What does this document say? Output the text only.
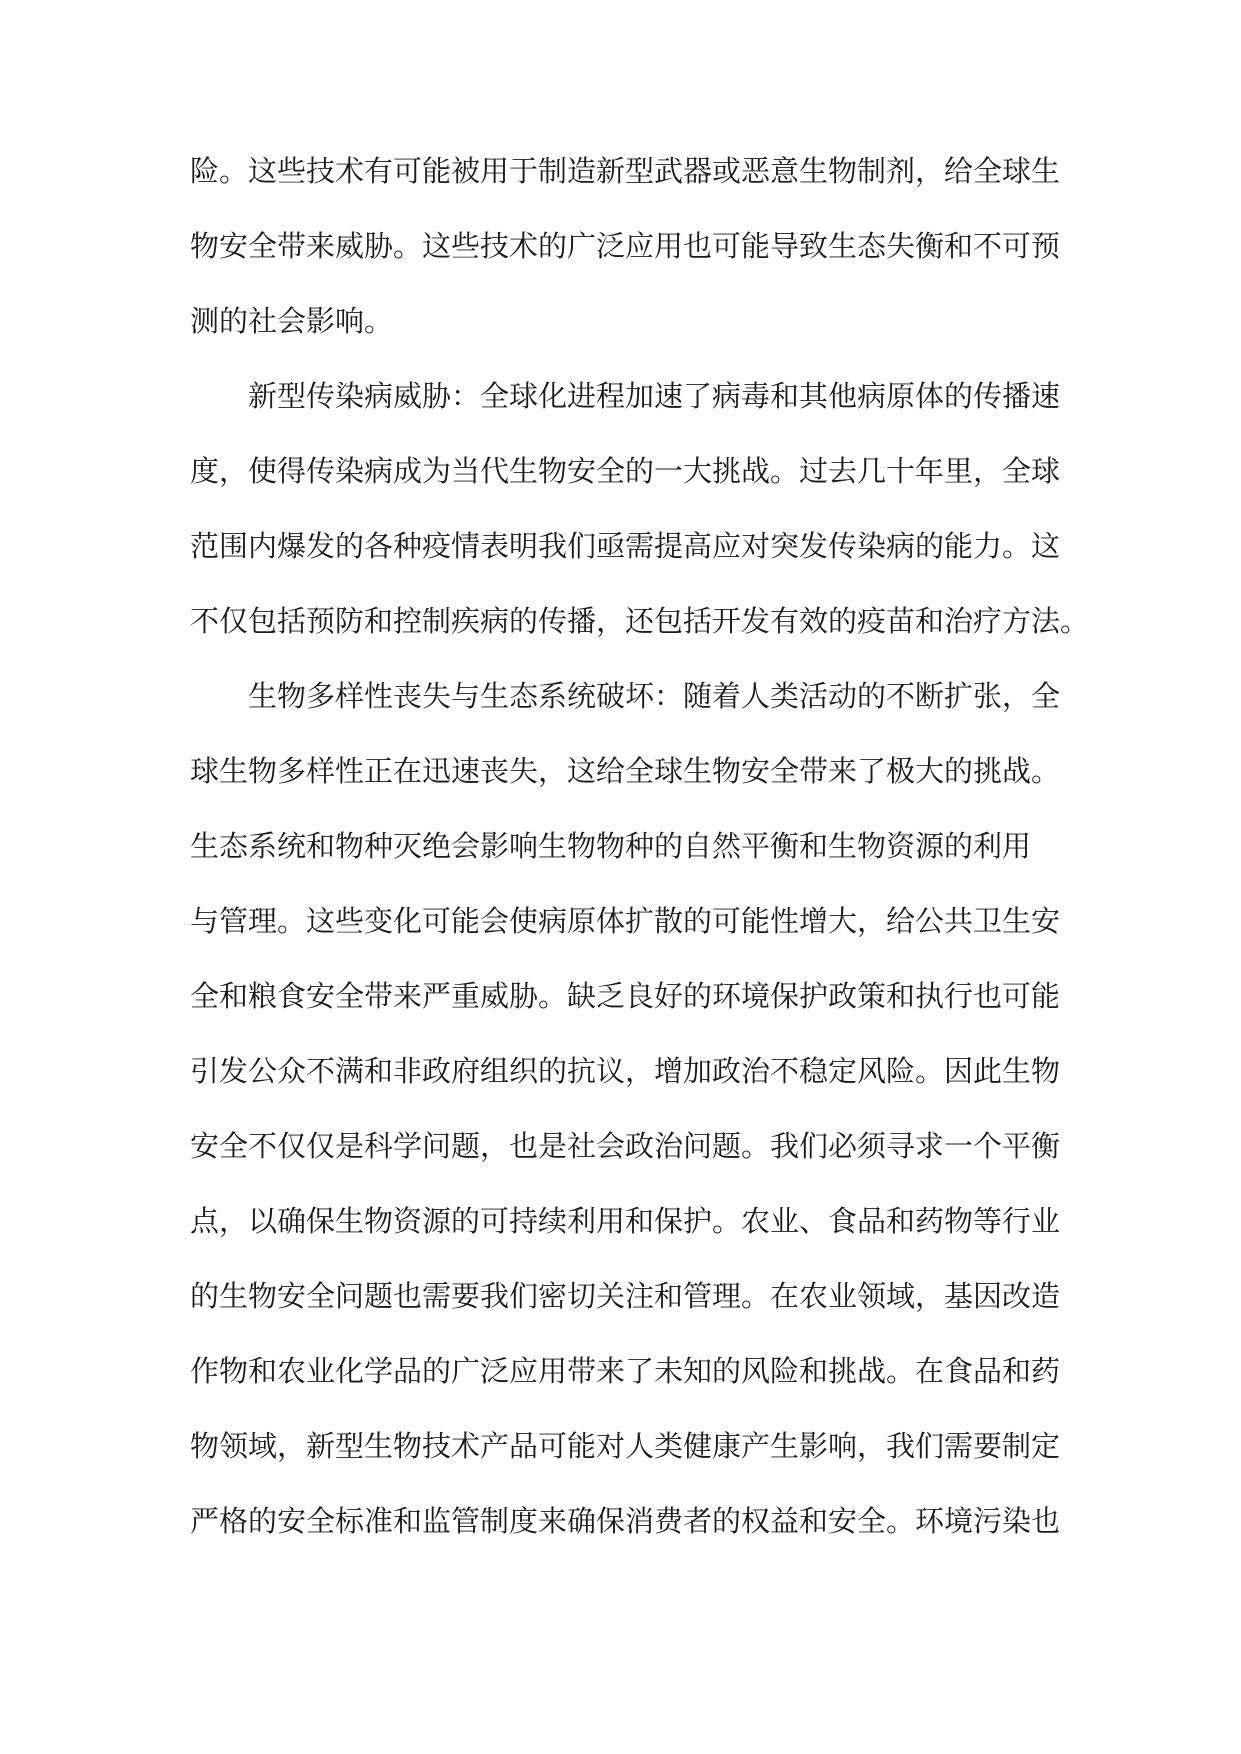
险。这些技术有可能被用于制造新型武器或恶意生物制剂，给全球生
物安全带来威胁。这些技术的广泛应用也可能导致生态失衡和不可预
测的社会影响。
新型传染病威胁：全球化进程加速了病毒和其他病原体的传播速
度，使得传染病成为当代生物安全的一大挑战。过去几十年里，全球
范围内爆发的各种疫情表明我们亟需提高应对突发传染病的能力。这
不仅包括预防和控制疾病的传播，还包括开发有效的疫苗和治疗方法。
生物多样性丧失与生态系统破坏：随着人类活动的不断扩张，全
球生物多样性正在迅速丧失，这给全球生物安全带来了极大的挑战。
生态系统和物种灭绝会影响生物物种的自然平衡和生物资源的利用
与管理。这些变化可能会使病原体扩散的可能性增大，给公共卫生安
全和粮食安全带来严重威胁。缺乏良好的环境保护政策和执行也可能
引发公众不满和非政府组织的抗议，增加政治不稳定风险。因此生物
安全不仅仅是科学问题，也是社会政治问题。我们必须寻求一个平衡
点，以确保生物资源的可持续利用和保护。农业、食品和药物等行业
的生物安全问题也需要我们密切关注和管理。在农业领域，基因改造
作物和农业化学品的广泛应用带来了未知的风险和挑战。在食品和药
物领域，新型生物技术产品可能对人类健康产生影响，我们需要制定
严格的安全标准和监管制度来确保消费者的权益和安全。环境污染也
